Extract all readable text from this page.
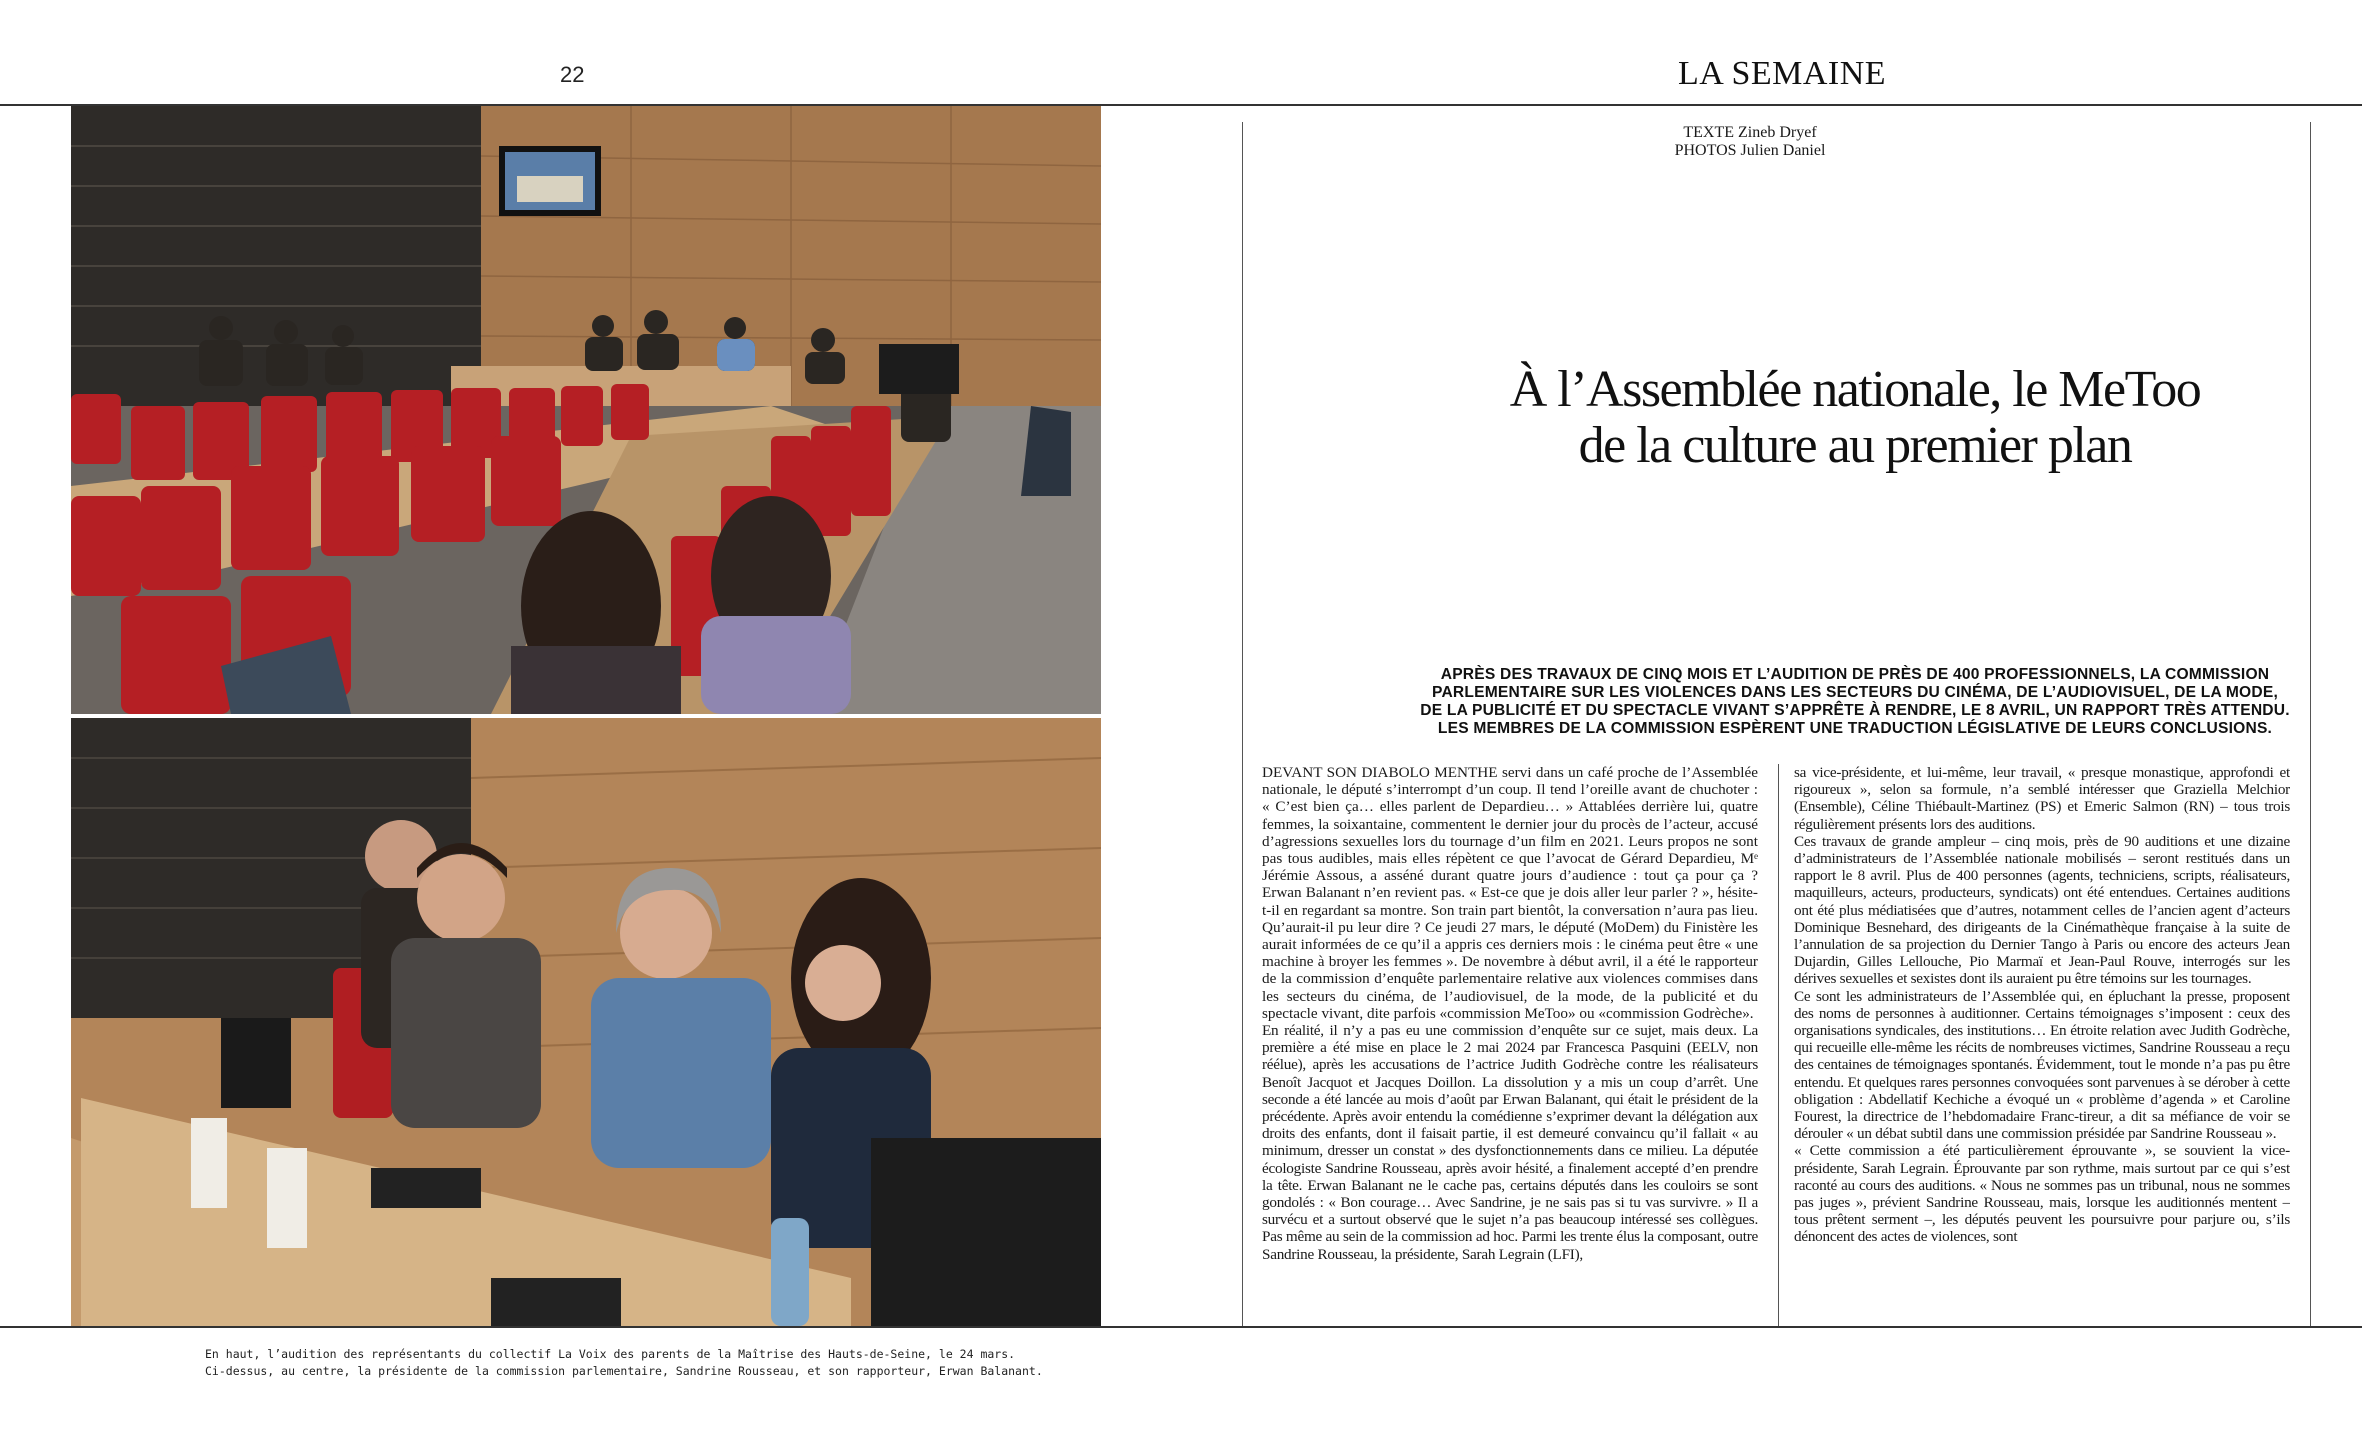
22	LA SEMAINE
En haut, l’audition des représentants du collectif La Voix des parents de la Maîtrise des Hauts-de-Seine, le 24 mars.
Ci-dessus, au centre, la présidente de la commission parlementaire, Sandrine Rousseau, et son rapporteur, Erwan Balanant.
TEXTE Zineb Dryef
PHOTOS Julien Daniel
À l’Assemblée nationale, le MeToo
de la culture au premier plan
APRÈS DES TRAVAUX DE CINQ MOIS ET L’AUDITION DE PRÈS DE 400 PROFESSIONNELS, LA COMMISSION
PARLEMENTAIRE SUR LES VIOLENCES DANS LES SECTEURS DU CINÉMA, DE L’AUDIOVISUEL, DE LA MODE,
DE LA PUBLICITÉ ET DU SPECTACLE VIVANT S’APPRÊTE À RENDRE, LE 8 AVRIL, UN RAPPORT TRÈS ATTENDU.
LES MEMBRES DE LA COMMISSION ESPÈRENT UNE TRADUCTION LÉGISLATIVE DE LEURS CONCLUSIONS.

DEVANT SON DIABOLO MENTHE servi dans un café proche de l’Assemblée nationale, le député s’interrompt d’un coup. Il tend l’oreille avant de chuchoter : « C’est bien ça… elles parlent de Depardieu… » Attablées derrière lui, quatre femmes, la soixantaine, commentent le dernier jour du procès de l’acteur, accusé d’agressions sexuelles lors du tournage d’un film en 2021. Leurs propos ne sont pas tous audibles, mais elles répètent ce que l’avocat de Gérard Depardieu, Mᵉ Jérémie Assous, a asséné durant quatre jours d’audience : tout ça pour ça ? Erwan Balanant n’en revient pas. « Est-ce que je dois aller leur parler ? », hésite-t-il en regardant sa montre. Son train part bientôt, la conversation n’aura pas lieu. Qu’aurait-il pu leur dire ? Ce jeudi 27 mars, le député (MoDem) du Finistère les aurait informées de ce qu’il a appris ces derniers mois : le cinéma peut être « une machine à broyer les femmes ». De novembre à début avril, il a été le rapporteur de la commission d’enquête parlementaire relative aux violences commises dans les secteurs du cinéma, de l’audiovisuel, de la mode, de la publicité et du spectacle vivant, dite parfois «commission MeToo» ou «commission Godrèche».

En réalité, il n’y a pas eu une commission d’enquête sur ce sujet, mais deux. La première a été mise en place le 2 mai 2024 par Francesca Pasquini (EELV, non réélue), après les accusations de l’actrice Judith Godrèche contre les réalisateurs Benoît Jacquot et Jacques Doillon. La dissolution y a mis un coup d’arrêt. Une seconde a été lancée au mois d’août par Erwan Balanant, qui était le président de la précédente. Après avoir entendu la comédienne s’exprimer devant la délégation aux droits des enfants, dont il faisait partie, il est demeuré convaincu qu’il fallait « au minimum, dresser un constat » des dysfonctionnements dans ce milieu. La députée écologiste Sandrine Rousseau, après avoir hésité, a finalement accepté d’en prendre la tête. Erwan Balanant ne le cache pas, certains députés dans les couloirs se sont gondolés : « Bon courage… Avec Sandrine, je ne sais pas si tu vas survivre. » Il a survécu et a surtout observé que le sujet n’a pas beaucoup intéressé ses collègues. Pas même au sein de la commission ad hoc. Parmi les trente élus la composant, outre Sandrine Rousseau, la présidente, Sarah Legrain (LFI),

sa vice-présidente, et lui-même, leur travail, « presque monastique, approfondi et rigoureux », selon sa formule, n’a semblé intéresser que Graziella Melchior (Ensemble), Céline Thiébault-Martinez (PS) et Emeric Salmon (RN) – tous trois régulièrement présents lors des auditions.

Ces travaux de grande ampleur – cinq mois, près de 90 auditions et une dizaine d’administrateurs de l’Assemblée nationale mobilisés – seront restitués dans un rapport le 8 avril. Plus de 400 personnes (agents, techniciens, scripts, réalisateurs, maquilleurs, acteurs, producteurs, syndicats) ont été entendues. Certaines auditions ont été plus médiatisées que d’autres, notamment celles de l’ancien agent d’acteurs Dominique Besnehard, des dirigeants de la Cinémathèque française à la suite de l’annulation de sa projection du Dernier Tango à Paris ou encore des acteurs Jean Dujardin, Gilles Lellouche, Pio Marmaï et Jean-Paul Rouve, interrogés sur les dérives sexuelles et sexistes dont ils auraient pu être témoins sur les tournages.

Ce sont les administrateurs de l’Assemblée qui, en épluchant la presse, proposent des noms de personnes à auditionner. Certains témoignages s’imposent : ceux des organisations syndicales, des institutions… En étroite relation avec Judith Godrèche, qui recueille elle-même les récits de nombreuses victimes, Sandrine Rousseau a reçu des centaines de témoignages spontanés. Évidemment, tout le monde n’a pas pu être entendu. Et quelques rares personnes convoquées sont parvenues à se dérober à cette obligation : Abdellatif Kechiche a évoqué un « problème d’agenda » et Caroline Fourest, la directrice de l’hebdomadaire Franc-tireur, a dit sa méfiance de voir se dérouler « un débat subtil dans une commission présidée par Sandrine Rousseau ».

« Cette commission a été particulièrement éprouvante », se souvient la vice-présidente, Sarah Legrain. Éprouvante par son rythme, mais surtout par ce qui s’est raconté au cours des auditions. « Nous ne sommes pas un tribunal, nous ne sommes pas juges », prévient Sandrine Rousseau, mais, lorsque les auditionnés mentent – tous prêtent serment –, les députés peuvent les poursuivre pour parjure ou, s’ils dénoncent des actes de violences, sont
